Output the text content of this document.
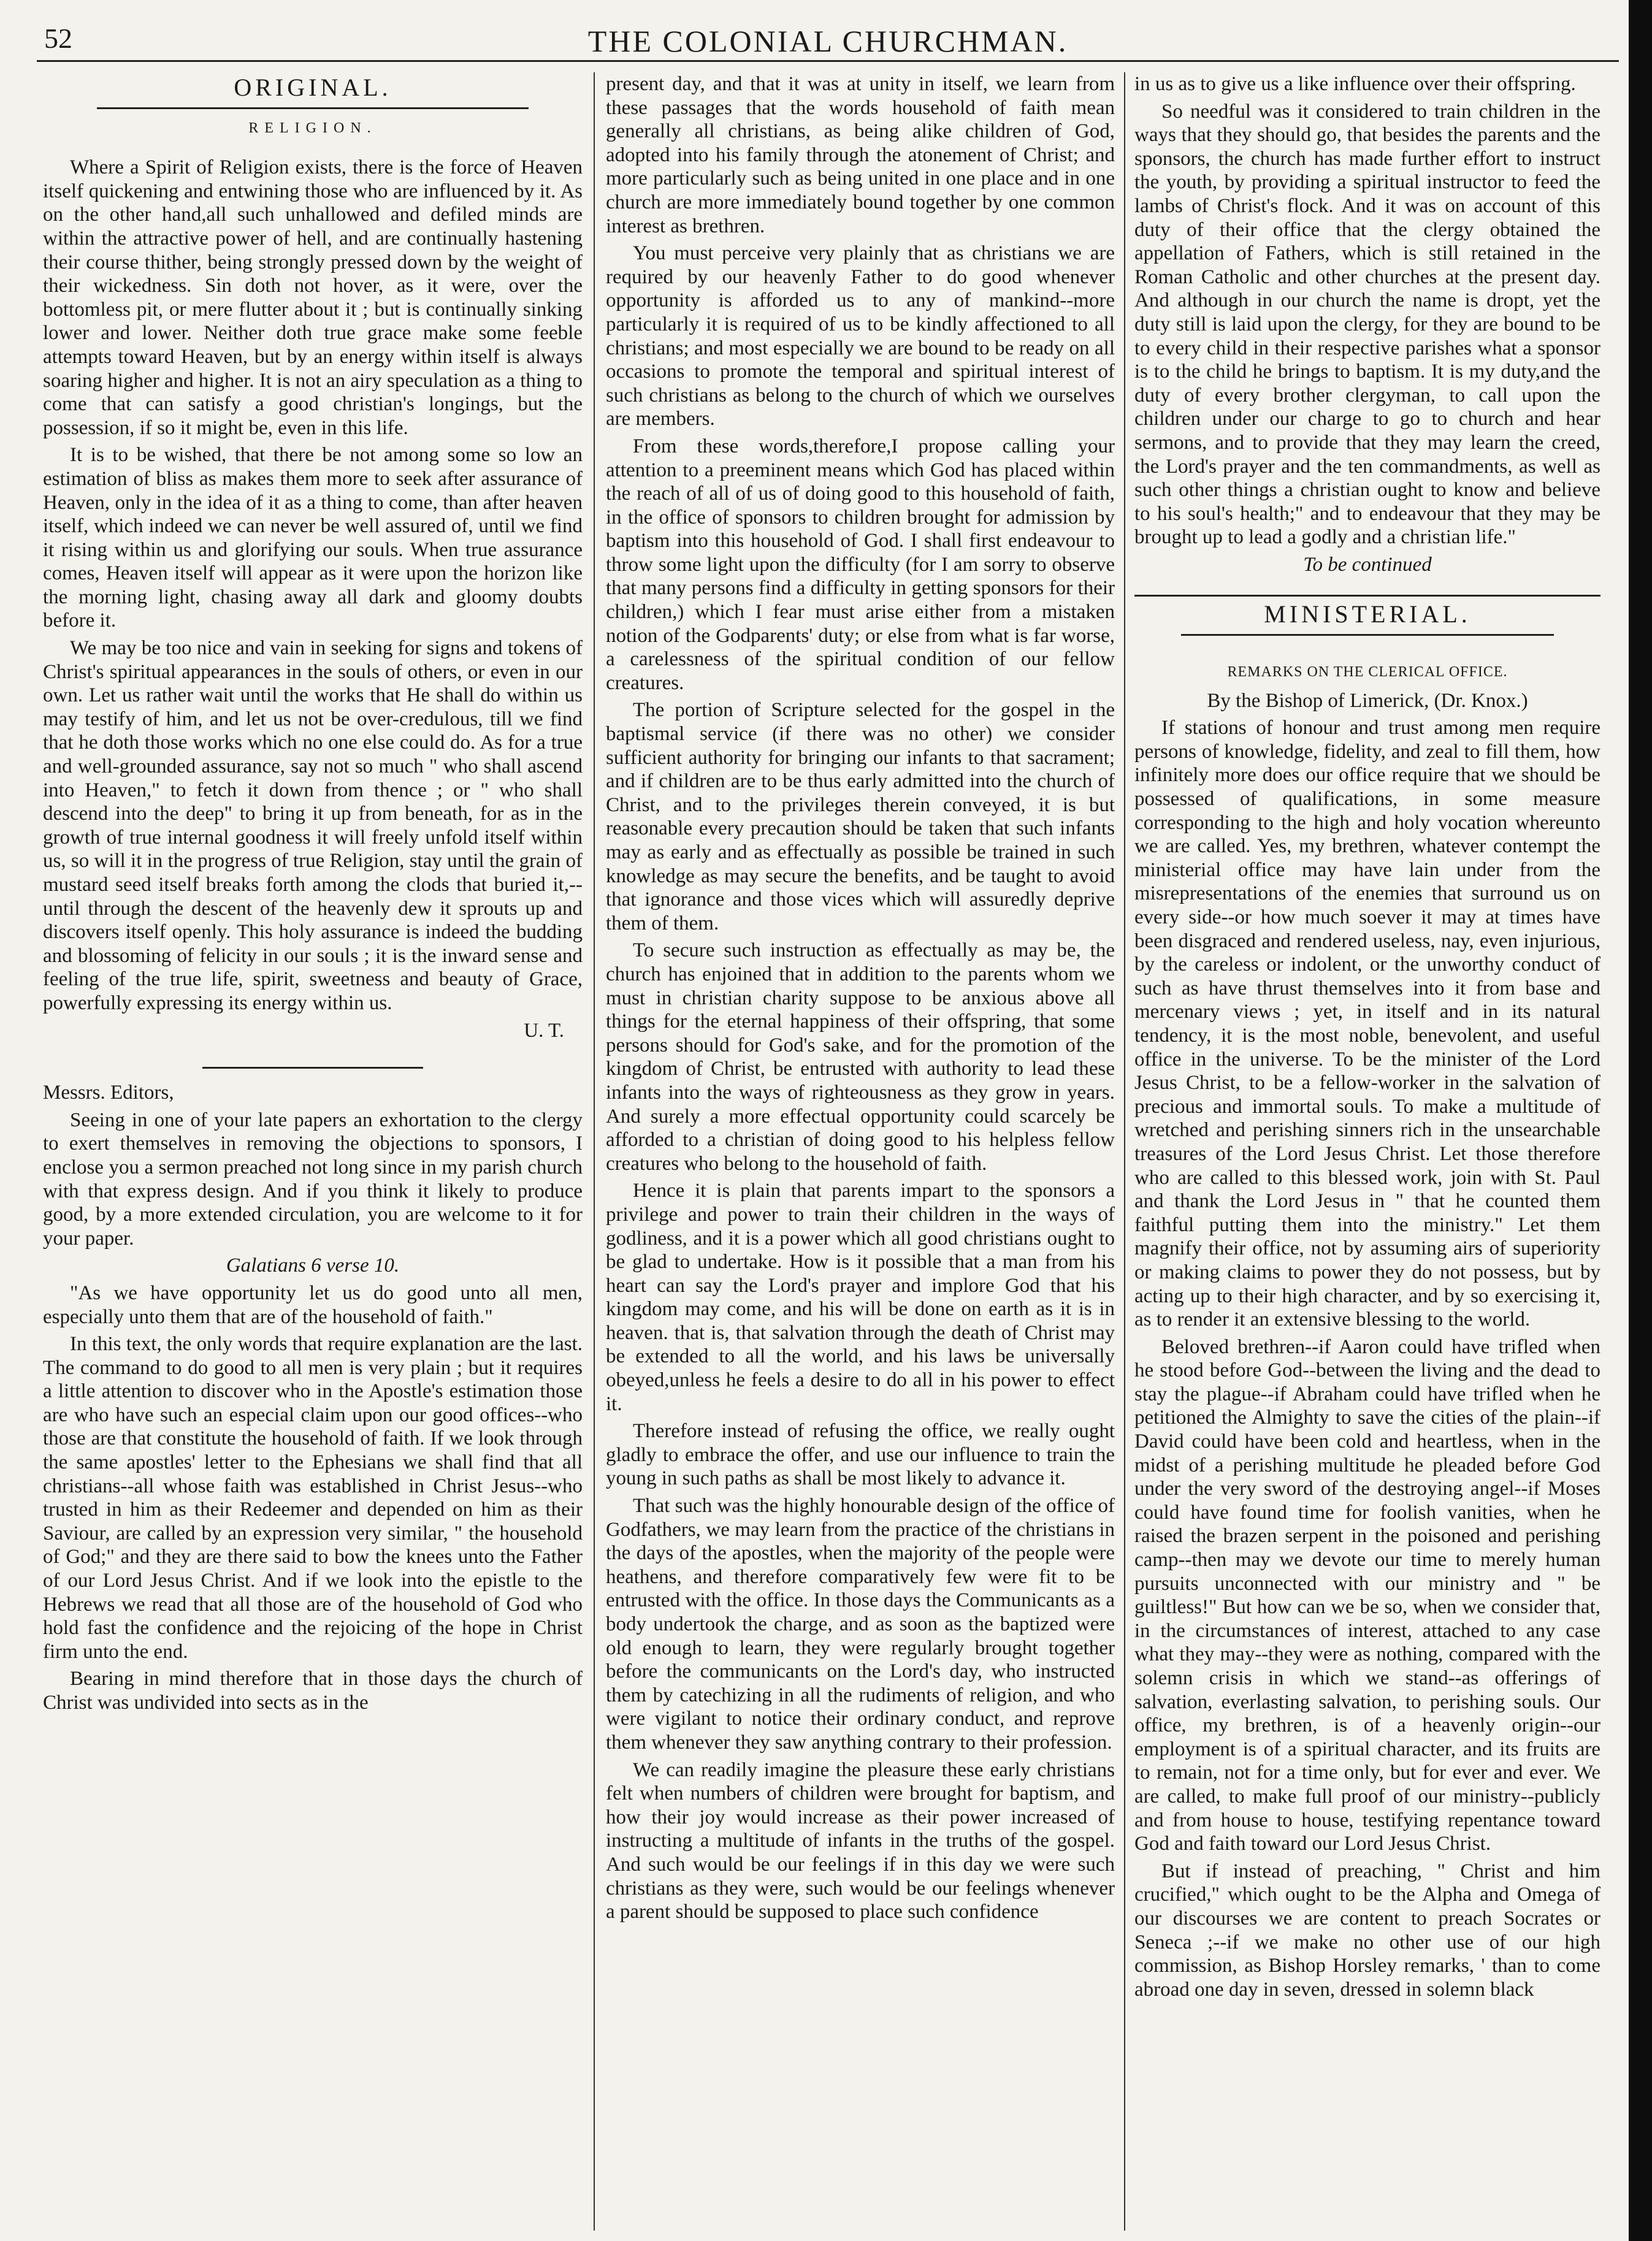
52	THE COLONIAL CHURCHMAN.
ORIGINAL.
RELIGION.

Where a Spirit of Religion exists, there is the force of Heaven itself quickening and entwining those who are influenced by it. As on the other hand,all such unhallowed and defiled minds are within the attractive power of hell, and are continually hastening their course thither, being strongly pressed down by the weight of their wickedness. Sin doth not hover, as it were, over the bottomless pit, or mere flutter about it ; but is continually sinking lower and lower. Neither doth true grace make some feeble attempts toward Heaven, but by an energy within itself is always soaring higher and higher. It is not an airy speculation as a thing to come that can satisfy a good christian's longings, but the possession, if so it might be, even in this life.

It is to be wished, that there be not among some so low an estimation of bliss as makes them more to seek after assurance of Heaven, only in the idea of it as a thing to come, than after heaven itself, which indeed we can never be well assured of, until we find it rising within us and glorifying our souls. When true assurance comes, Heaven itself will appear as it were upon the horizon like the morning light, chasing away all dark and gloomy doubts before it.

We may be too nice and vain in seeking for signs and tokens of Christ's spiritual appearances in the souls of others, or even in our own. Let us rather wait until the works that He shall do within us may testify of him, and let us not be over-credulous, till we find that he doth those works which no one else could do. As for a true and well-grounded assurance, say not so much " who shall ascend into Heaven," to fetch it down from thence ; or " who shall descend into the deep" to bring it up from beneath, for as in the growth of true internal goodness it will freely unfold itself within us, so will it in the progress of true Religion, stay until the grain of mustard seed itself breaks forth among the clods that buried it,--until through the descent of the heavenly dew it sprouts up and discovers itself openly. This holy assurance is indeed the budding and blossoming of felicity in our souls ; it is the inward sense and feeling of the true life, spirit, sweetness and beauty of Grace, powerfully expressing its energy within us.

U. T.

Messrs. Editors,

Seeing in one of your late papers an exhortation to the clergy to exert themselves in removing the objections to sponsors, I enclose you a sermon preached not long since in my parish church with that express design. And if you think it likely to produce good, by a more extended circulation, you are welcome to it for your paper.

Galatians 6 verse 10.

"As we have opportunity let us do good unto all men, especially unto them that are of the household of faith."

In this text, the only words that require explanation are the last. The command to do good to all men is very plain ; but it requires a little attention to discover who in the Apostle's estimation those are who have such an especial claim upon our good offices--who those are that constitute the household of faith. If we look through the same apostles' letter to the Ephesians we shall find that all christians--all whose faith was established in Christ Jesus--who trusted in him as their Redeemer and depended on him as their Saviour, are called by an expression very similar, " the household of God;" and they are there said to bow the knees unto the Father of our Lord Jesus Christ. And if we look into the epistle to the Hebrews we read that all those are of the household of God who hold fast the confidence and the rejoicing of the hope in Christ firm unto the end.

Bearing in mind therefore that in those days the church of Christ was undivided into sects as in the

present day, and that it was at unity in itself, we learn from these passages that the words household of faith mean generally all christians, as being alike children of God, adopted into his family through the atonement of Christ; and more particularly such as being united in one place and in one church are more immediately bound together by one common interest as brethren.

You must perceive very plainly that as christians we are required by our heavenly Father to do good whenever opportunity is afforded us to any of mankind--more particularly it is required of us to be kindly affectioned to all christians; and most especially we are bound to be ready on all occasions to promote the temporal and spiritual interest of such christians as belong to the church of which we ourselves are members.

From these words,therefore,I propose calling your attention to a preeminent means which God has placed within the reach of all of us of doing good to this household of faith, in the office of sponsors to children brought for admission by baptism into this household of God. I shall first endeavour to throw some light upon the difficulty (for I am sorry to observe that many persons find a difficulty in getting sponsors for their children,) which I fear must arise either from a mistaken notion of the Godparents' duty; or else from what is far worse, a carelessness of the spiritual condition of our fellow creatures.

The portion of Scripture selected for the gospel in the baptismal service (if there was no other) we consider sufficient authority for bringing our infants to that sacrament; and if children are to be thus early admitted into the church of Christ, and to the privileges therein conveyed, it is but reasonable every precaution should be taken that such infants may as early and as effectually as possible be trained in such knowledge as may secure the benefits, and be taught to avoid that ignorance and those vices which will assuredly deprive them of them.

To secure such instruction as effectually as may be, the church has enjoined that in addition to the parents whom we must in christian charity suppose to be anxious above all things for the eternal happiness of their offspring, that some persons should for God's sake, and for the promotion of the kingdom of Christ, be entrusted with authority to lead these infants into the ways of righteousness as they grow in years. And surely a more effectual opportunity could scarcely be afforded to a christian of doing good to his helpless fellow creatures who belong to the household of faith.

Hence it is plain that parents impart to the sponsors a privilege and power to train their children in the ways of godliness, and it is a power which all good christians ought to be glad to undertake. How is it possible that a man from his heart can say the Lord's prayer and implore God that his kingdom may come, and his will be done on earth as it is in heaven. that is, that salvation through the death of Christ may be extended to all the world, and his laws be universally obeyed,unless he feels a desire to do all in his power to effect it.

Therefore instead of refusing the office, we really ought gladly to embrace the offer, and use our influence to train the young in such paths as shall be most likely to advance it.

That such was the highly honourable design of the office of Godfathers, we may learn from the practice of the christians in the days of the apostles, when the majority of the people were heathens, and therefore comparatively few were fit to be entrusted with the office. In those days the Communicants as a body undertook the charge, and as soon as the baptized were old enough to learn, they were regularly brought together before the communicants on the Lord's day, who instructed them by catechizing in all the rudiments of religion, and who were vigilant to notice their ordinary conduct, and reprove them whenever they saw anything contrary to their profession.

We can readily imagine the pleasure these early christians felt when numbers of children were brought for baptism, and how their joy would increase as their power increased of instructing a multitude of infants in the truths of the gospel. And such would be our feelings if in this day we were such christians as they were, such would be our feelings whenever a parent should be supposed to place such confidence

in us as to give us a like influence over their offspring.

So needful was it considered to train children in the ways that they should go, that besides the parents and the sponsors, the church has made further effort to instruct the youth, by providing a spiritual instructor to feed the lambs of Christ's flock. And it was on account of this duty of their office that the clergy obtained the appellation of Fathers, which is still retained in the Roman Catholic and other churches at the present day. And although in our church the name is dropt, yet the duty still is laid upon the clergy, for they are bound to be to every child in their respective parishes what a sponsor is to the child he brings to baptism. It is my duty,and the duty of every brother clergyman, to call upon the children under our charge to go to church and hear sermons, and to provide that they may learn the creed, the Lord's prayer and the ten commandments, as well as such other things a christian ought to know and believe to his soul's health;" and to endeavour that they may be brought up to lead a godly and a christian life."

To be continued

MINISTERIAL.
REMARKS ON THE CLERICAL OFFICE.

By the Bishop of Limerick, (Dr. Knox.)

If stations of honour and trust among men require persons of knowledge, fidelity, and zeal to fill them, how infinitely more does our office require that we should be possessed of qualifications, in some measure corresponding to the high and holy vocation whereunto we are called. Yes, my brethren, whatever contempt the ministerial office may have lain under from the misrepresentations of the enemies that surround us on every side--or how much soever it may at times have been disgraced and rendered useless, nay, even injurious, by the careless or indolent, or the unworthy conduct of such as have thrust themselves into it from base and mercenary views ; yet, in itself and in its natural tendency, it is the most noble, benevolent, and useful office in the universe. To be the minister of the Lord Jesus Christ, to be a fellow-worker in the salvation of precious and immortal souls. To make a multitude of wretched and perishing sinners rich in the unsearchable treasures of the Lord Jesus Christ. Let those therefore who are called to this blessed work, join with St. Paul and thank the Lord Jesus in " that he counted them faithful putting them into the ministry." Let them magnify their office, not by assuming airs of superiority or making claims to power they do not possess, but by acting up to their high character, and by so exercising it, as to render it an extensive blessing to the world.

Beloved brethren--if Aaron could have trifled when he stood before God--between the living and the dead to stay the plague--if Abraham could have trifled when he petitioned the Almighty to save the cities of the plain--if David could have been cold and heartless, when in the midst of a perishing multitude he pleaded before God under the very sword of the destroying angel--if Moses could have found time for foolish vanities, when he raised the brazen serpent in the poisoned and perishing camp--then may we devote our time to merely human pursuits unconnected with our ministry and " be guiltless!" But how can we be so, when we consider that, in the circumstances of interest, attached to any case what they may--they were as nothing, compared with the solemn crisis in which we stand--as offerings of salvation, everlasting salvation, to perishing souls. Our office, my brethren, is of a heavenly origin--our employment is of a spiritual character, and its fruits are to remain, not for a time only, but for ever and ever. We are called, to make full proof of our ministry--publicly and from house to house, testifying repentance toward God and faith toward our Lord Jesus Christ.

But if instead of preaching, " Christ and him crucified," which ought to be the Alpha and Omega of our discourses we are content to preach Socrates or Seneca ;--if we make no other use of our high commission, as Bishop Horsley remarks, ' than to come abroad one day in seven, dressed in solemn black
